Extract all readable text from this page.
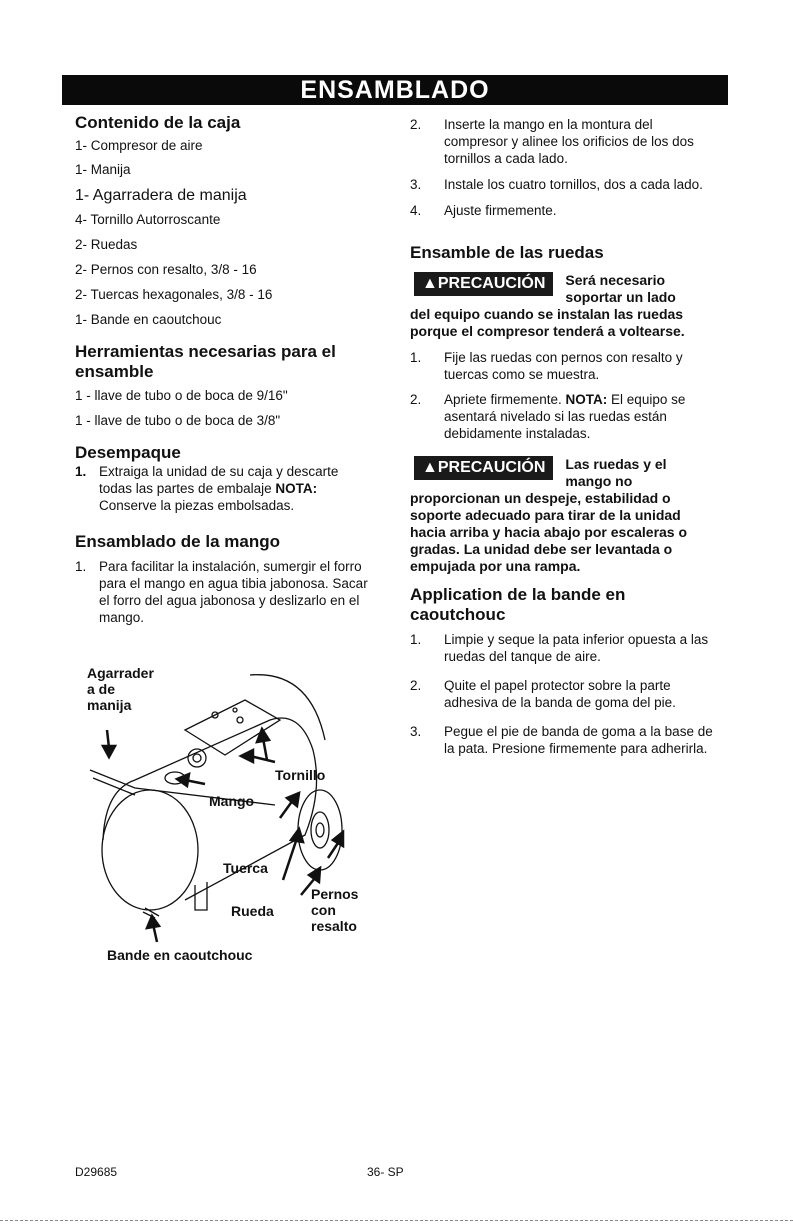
ENSAMBLADO

Contenido de la caja

1- Compresor de aire

1- Manija

1- Agarradera de manija

4- Tornillo Autorroscante

2- Ruedas

2- Pernos con resalto, 3/8 - 16

2- Tuercas hexagonales, 3/8 - 16

1- Bande en caoutchouc

Herramientas necesarias para el ensamble

1 - llave de tubo o de boca de 9/16"

1 - llave de tubo o de boca de 3/8"

Desempaque

1. Extraiga la unidad de su caja y descarte todas las partes de embalaje NOTA: Conserve la piezas embolsadas.

Ensamblado de la mango

1. Para facilitar la instalación, sumergir el forro para el mango en agua tibia jabonosa. Sacar el forro del agua jabonosa y deslizarlo en el mango.
Agarrader
a de
manija
Tornillo
Mango
Tuerca
Rueda
Pernos
con
resalto
Bande en caoutchouc
2.	Inserte la mango en la montura del compresor y alinee los orificios de los dos tornillos a cada lado.
3.	Instale los cuatro tornillos, dos a cada lado.
4.	Ajuste firmemente.

Ensamble de las ruedas

▲PRECAUCIÓN	Será necesario
soportar un lado
del equipo cuando se instalan las ruedas porque el compresor tenderá a voltearse.
1.	Fije las ruedas con pernos con resalto y tuercas como se muestra.
2.	Apriete firmemente. NOTA: El equipo se asentará nivelado si las ruedas están debidamente instaladas.
▲PRECAUCIÓN	Las ruedas y el
mango no
proporcionan un despeje, estabilidad o soporte adecuado para tirar de la unidad hacia arriba y hacia abajo por escaleras o gradas. La unidad debe ser levantada o empujada por una rampa.

Application de la bande en caoutchouc

1.	Limpie y seque la pata inferior opuesta a las ruedas del tanque de aire.
2.	Quite el papel protector sobre la parte adhesiva de la banda de goma del pie.
3.	Pegue el pie de banda de goma a la base de la pata. Presione firmemente para adherirla.
D29685	36- SP
